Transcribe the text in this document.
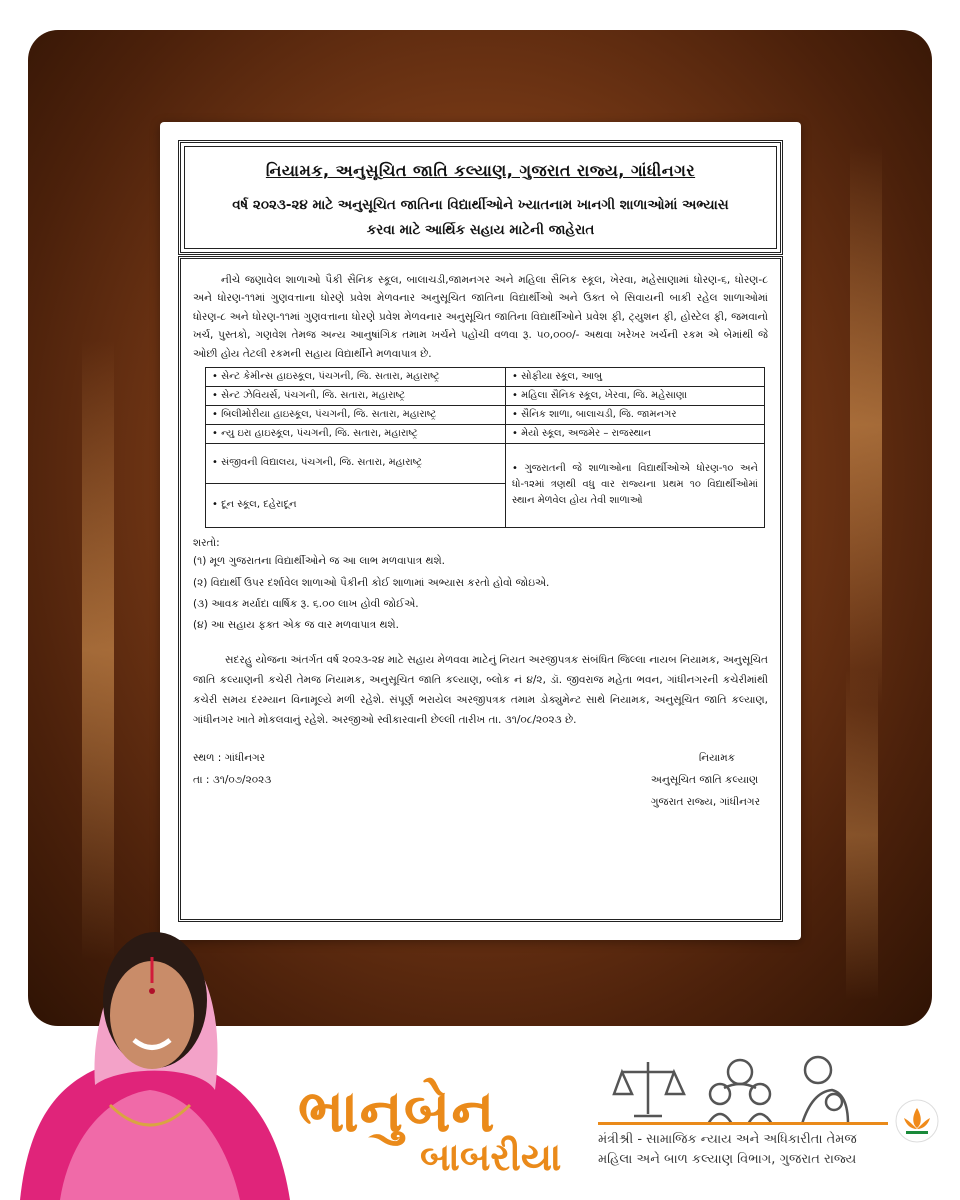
નિયામક, અનુસૂચિત જાતિ કલ્યાણ, ગુજરાત રાજ્ય, ગાંધીનગર
વર્ષ ૨૦૨૩-૨૪ માટે અનુસૂચિત જાતિના વિદ્યાર્થીઓને ખ્યાતનામ ખાનગી શાળાઓમાં અભ્યાસ
કરવા માટે આર્થિક સહાય માટેની જાહેરાત

નીચે જણાવેલ શાળાઓ પૈકી સૈનિક સ્કૂલ, બાલાચડી,જામનગર અને મહિલા સૈનિક સ્કૂલ, ખેરવા, મહેસાણામાં ધોરણ-૬, ધોરણ-૮ અને ધોરણ-૧૧માં ગુણવત્તાના ધોરણે પ્રવેશ મેળવનાર અનુસૂચિત જાતિના વિદ્યાર્થીઓ અને ઉક્ત બે સિવાયની બાકી રહેલ શાળાઓમાં ધોરણ-૮ અને ધોરણ-૧૧માં ગુણવત્તાના ધોરણે પ્રવેશ મેળવનાર અનુસૂચિત જાતિના વિદ્યાર્થીઓને પ્રવેશ ફી, ટ્યુશન ફી, હોસ્ટેલ ફી, જમવાનો ખર્ચ, પુસ્તકો, ગણવેશ તેમજ અન્ય આનુષાંગિક તમામ ખર્ચને પહોંચી વળવા રૂ. ૫૦,૦૦૦/- અથવા ખરેખર ખર્ચની રકમ એ બેમાંથી જે ઓછી હોય તેટલી રકમની સહાય વિદ્યાર્થીને મળવાપાત્ર છે.

• સેન્ટ કેમીન્સ હાઇસ્કૂલ, પંચગની, જિ. સતારા, મહારાષ્ટ્ર	• સોફીયા સ્કૂલ, આબુ
• સેન્ટ ઝેવિયર્સ, પંચગની, જિ. સતારા, મહારાષ્ટ્ર	• મહિલા સૈનિક સ્કૂલ, ખેરવા, જિ. મહેસાણા
• બિલીમોરીયા હાઇસ્કૂલ, પંચગની, જિ. સતારા, મહારાષ્ટ્ર	• સૈનિક શાળા, બાલાચડી, જિ. જામનગર
• ન્યુ ઇરા હાઇસ્કૂલ, પંચગની, જિ. સતારા, મહારાષ્ટ્ર	• મેયો સ્કૂલ, અજમેર – રાજસ્થાન
• સંજીવની વિદ્યાલય, પંચગની, જિ. સતારા, મહારાષ્ટ્ર	• ગુજરાતની જે શાળાઓના વિદ્યાર્થીઓએ ધોરણ-૧૦ અને ધો-૧૨માં ત્રણથી વધુ વાર રાજ્યના પ્રથમ ૧૦ વિદ્યાર્થીઓમાં સ્થાન મેળવેલ હોય તેવી શાળાઓ
• દૂન સ્કૂલ, દહેરાદૂન
શરતો:
(૧) મૂળ ગુજરાતના વિદ્યાર્થીઓને જ આ લાભ મળવાપાત્ર થશે.
(૨) વિદ્યાર્થી ઉપર દર્શાવેલ શાળાઓ પૈકીની કોઈ શાળામાં અભ્યાસ કરતો હોવો જોઇએ.
(૩) આવક મર્યાદા વાર્ષિક રૂ. ૬.૦૦ લાખ હોવી જોઈએ.
(૪) આ સહાય ફક્ત એક જ વાર મળવાપાત્ર થશે.

સદરહુ યોજના અંતર્ગત વર્ષ ૨૦૨૩-૨૪ માટે સહાય મેળવવા માટેનું નિયત અરજીપત્રક સંબંધિત જિલ્લા નાયબ નિયામક, અનુસૂચિત જાતિ કલ્યાણની કચેરી તેમજ નિયામક, અનુસૂચિત જાતિ કલ્યાણ, બ્લોક નં ૪/૨, ડૉ. જીવરાજ મહેતા ભવન, ગાંધીનગરની કચેરીમાંથી કચેરી સમય દરમ્યાન વિનામૂલ્યે મળી રહેશે. સંપૂર્ણ ભરાયેલ અરજીપત્રક તમામ ડોક્યુમેન્ટ સાથે નિયામક, અનુસૂચિત જાતિ કલ્યાણ, ગાંધીનગર ખાતે મોકલવાનું રહેશે. અરજીઓ સ્વીકારવાની છેલ્લી તારીખ તા. ૩૧/૦૮/૨૦૨૩ છે.

સ્થળ : ગાંધીનગર
તા : ૩૧/૦૭/૨૦૨૩
નિયામક
અનુસૂચિત જાતિ કલ્યાણ
ગુજરાત રાજ્ય, ગાંધીનગર
ભાનુબેન
બાબરીયા	મંત્રીશ્રી - સામાજિક ન્યાય અને અધિકારીતા તેમજ
મહિલા અને બાળ કલ્યાણ વિભાગ, ગુજરાત રાજ્ય
